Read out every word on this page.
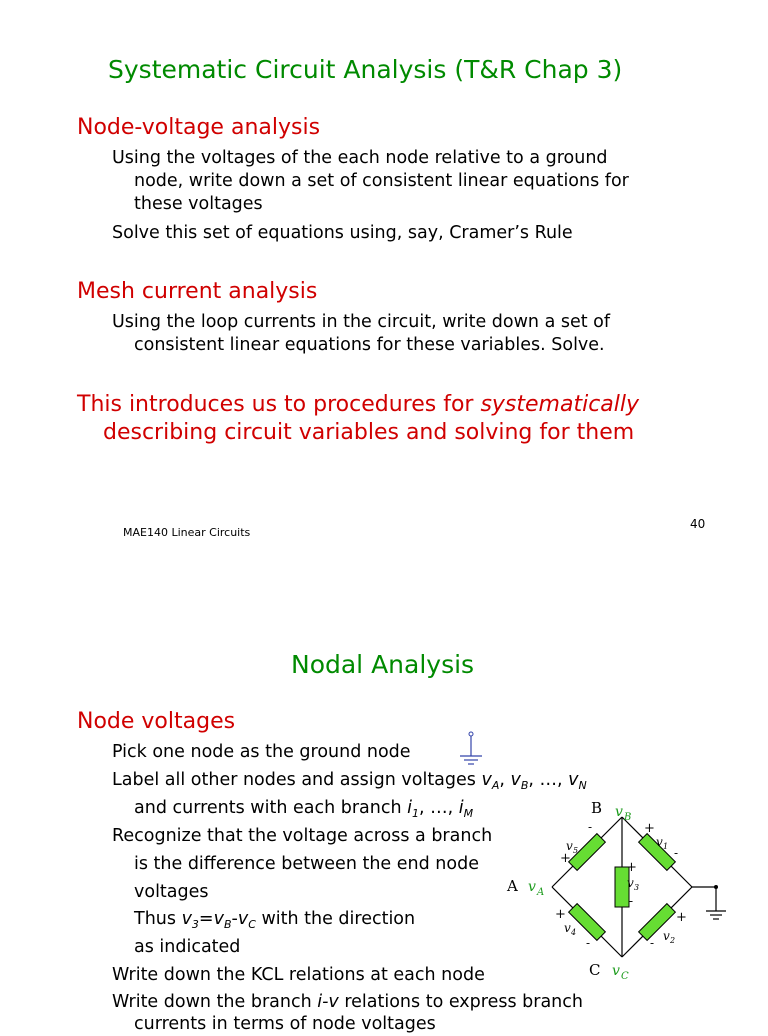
Systematic Circuit Analysis (T&R Chap 3)
Node-voltage analysis
Using the voltages of the each node relative to a ground
node, write down a set of consistent linear equations for
these voltages
Solve this set of equations using, say, Cramer’s Rule
Mesh current analysis
Using the loop currents in the circuit, write down a set of
consistent linear equations for these variables. Solve.
This introduces us to procedures for systematically
describing circuit variables and solving for them
MAE140 Linear Circuits
40
Nodal Analysis
Node voltages
Pick one node as the ground node
Label all other nodes and assign voltages $v_A$, $v_B$, …, $v_N$
and currents with each branch $i_1$, …, $i_M$
Recognize that the voltage across a branch
is the difference between the end node
voltages
Thus $v_3=v_B-v_C$ with the direction
as indicated
Write down the KCL relations at each node
Write down the branch i-v relations to express branch
currents in terms of node voltages
B v B
A v A
C v C
v 5
+
-
v 1
+
-
v 3
+
-
v 4
+
-	v 2
+
-
